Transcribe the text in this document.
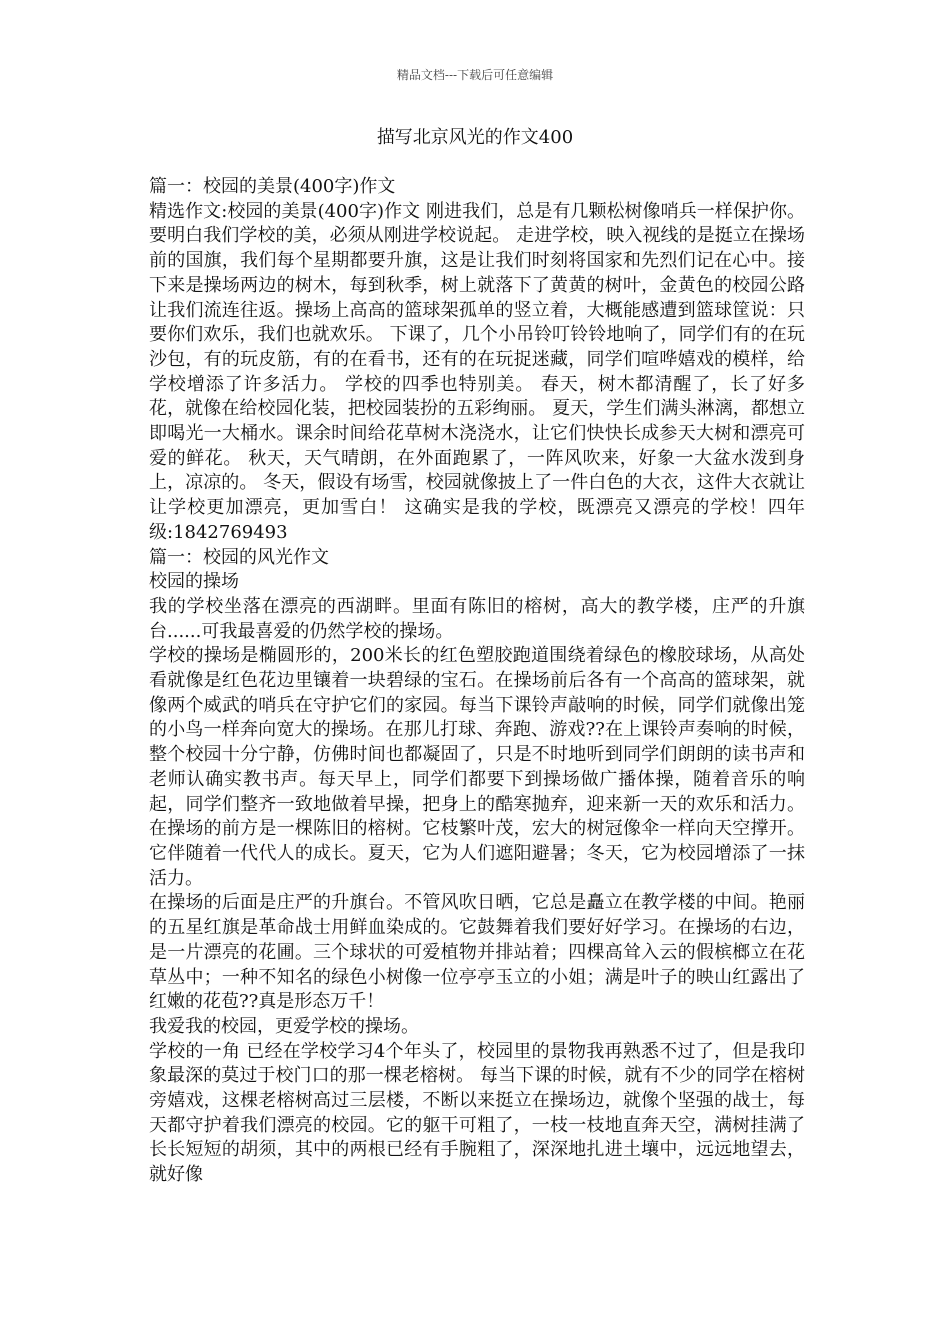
精品文档---下载后可任意编辑
描写北京风光的作文400

篇一：校园的美景(400字)作文

精选作文:校园的美景(400字)作文 刚进我们，总是有几颗松树像哨兵一样保护你。要明白我们学校的美，必须从刚进学校说起。 走进学校，映入视线的是挺立在操场前的国旗，我们每个星期都要升旗，这是让我们时刻将国家和先烈们记在心中。接下来是操场两边的树木，每到秋季，树上就落下了黄黄的树叶，金黄色的校园公路让我们流连往返。操场上高高的篮球架孤单的竖立着，大概能感遭到篮球筐说：只要你们欢乐，我们也就欢乐。 下课了，几个小吊铃叮铃铃地响了，同学们有的在玩沙包，有的玩皮筋，有的在看书，还有的在玩捉迷藏，同学们喧哗嬉戏的模样，给学校增添了许多活力。 学校的四季也特别美。 春天，树木都清醒了，长了好多花，就像在给校园化装，把校园装扮的五彩绚丽。 夏天，学生们满头淋漓，都想立即喝光一大桶水。课余时间给花草树木浇浇水，让它们快快长成参天大树和漂亮可爱的鲜花。 秋天，天气晴朗，在外面跑累了，一阵风吹来，好象一大盆水泼到身上，凉凉的。 冬天，假设有场雪，校园就像披上了一件白色的大衣，这件大衣就让让学校更加漂亮，更加雪白！ 这确实是我的学校，既漂亮又漂亮的学校！四年级:1842769493

篇一：校园的风光作文

校园的操场

我的学校坐落在漂亮的西湖畔。里面有陈旧的榕树，高大的教学楼，庄严的升旗台......可我最喜爱的仍然学校的操场。

学校的操场是椭圆形的，200米长的红色塑胶跑道围绕着绿色的橡胶球场，从高处看就像是红色花边里镶着一块碧绿的宝石。在操场前后各有一个高高的篮球架，就像两个威武的哨兵在守护它们的家园。每当下课铃声敲响的时候，同学们就像出笼的小鸟一样奔向宽大的操场。在那儿打球、奔跑、游戏??在上课铃声奏响的时候，整个校园十分宁静，仿佛时间也都凝固了，只是不时地听到同学们朗朗的读书声和老师认确实教书声。每天早上，同学们都要下到操场做广播体操，随着音乐的响起，同学们整齐一致地做着早操，把身上的酷寒抛弃，迎来新一天的欢乐和活力。 在操场的前方是一棵陈旧的榕树。它枝繁叶茂，宏大的树冠像伞一样向天空撑开。它伴随着一代代人的成长。夏天，它为人们遮阳避暑；冬天，它为校园增添了一抹活力。

在操场的后面是庄严的升旗台。不管风吹日晒，它总是矗立在教学楼的中间。艳丽的五星红旗是革命战士用鲜血染成的。它鼓舞着我们要好好学习。在操场的右边，是一片漂亮的花圃。三个球状的可爱植物并排站着；四棵高耸入云的假槟榔立在花草丛中；一种不知名的绿色小树像一位亭亭玉立的小姐；满是叶子的映山红露出了红嫩的花苞??真是形态万千！

我爱我的校园，更爱学校的操场。

学校的一角 已经在学校学习4个年头了，校园里的景物我再熟悉不过了，但是我印象最深的莫过于校门口的那一棵老榕树。 每当下课的时候，就有不少的同学在榕树旁嬉戏，这棵老榕树高过三层楼，不断以来挺立在操场边，就像个坚强的战士，每天都守护着我们漂亮的校园。它的躯干可粗了，一枝一枝地直奔天空，满树挂满了长长短短的胡须，其中的两根已经有手腕粗了，深深地扎进土壤中，远远地望去，就好像
